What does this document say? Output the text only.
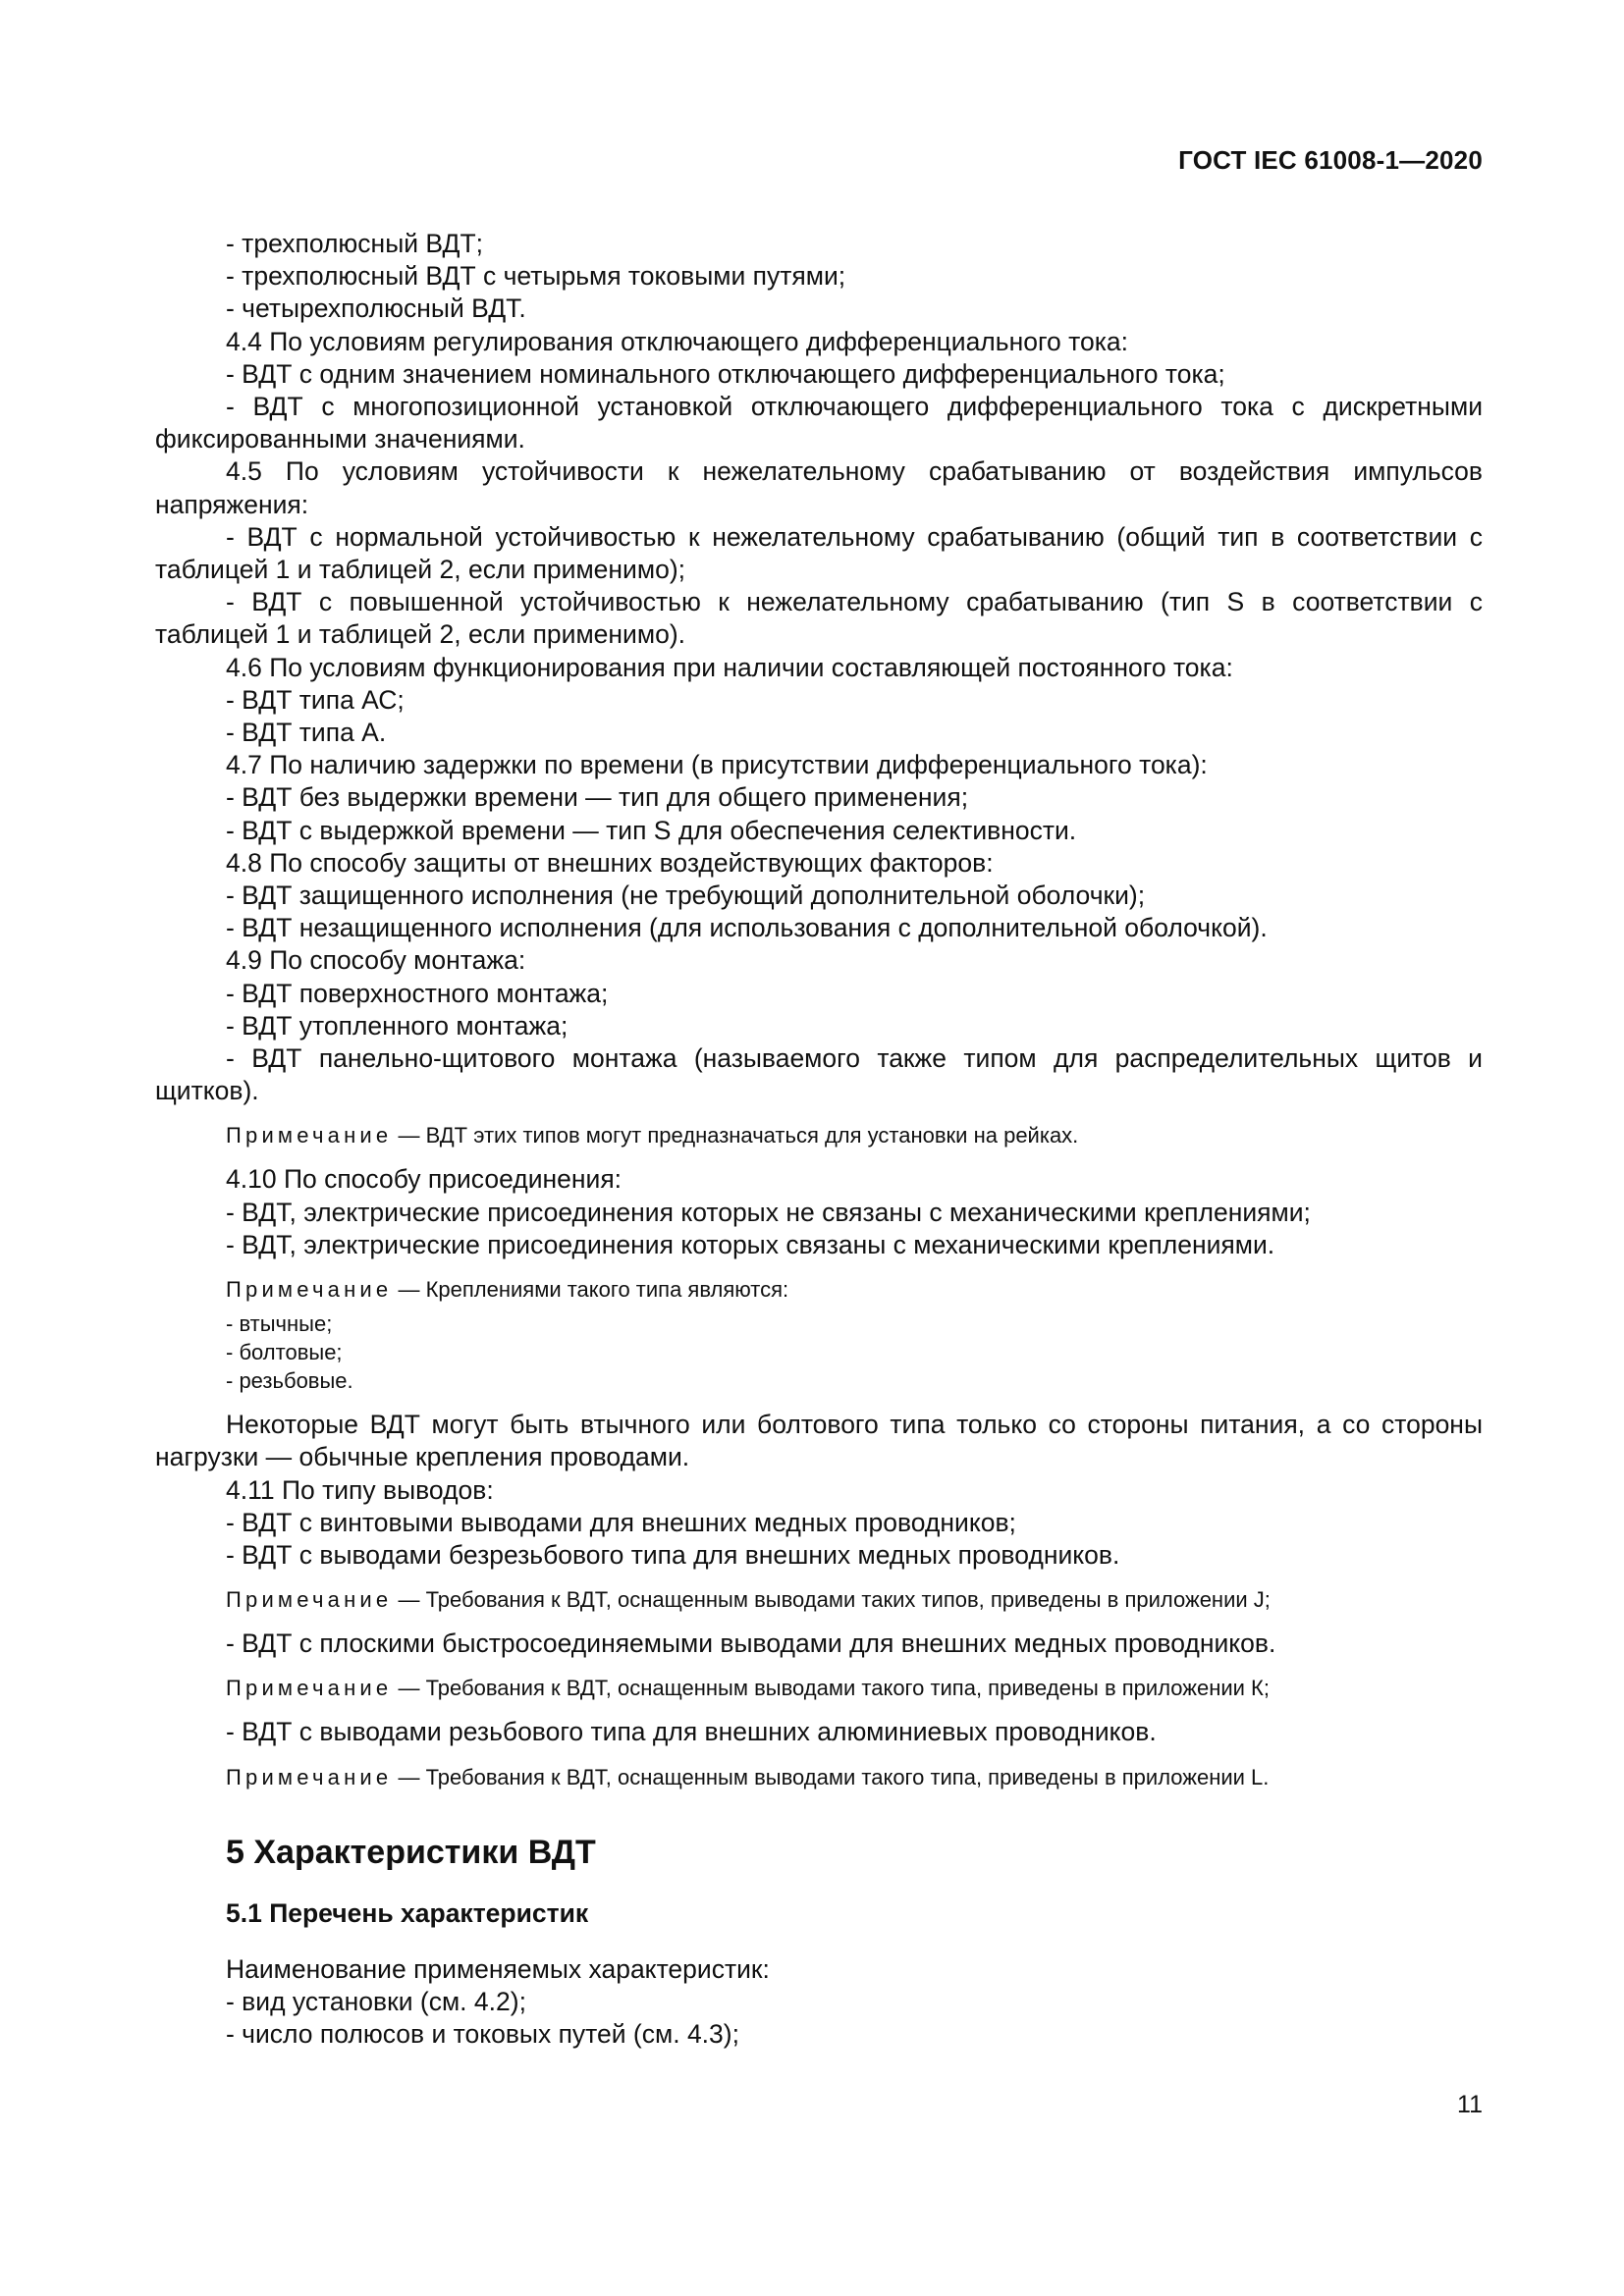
ГОСТ IEC 61008-1—2020
- трехполюсный ВДТ;
- трехполюсный ВДТ с четырьмя токовыми путями;
- четырехполюсный ВДТ.
4.4 По условиям регулирования отключающего дифференциального тока:
- ВДТ с одним значением номинального отключающего дифференциального тока;
- ВДТ с многопозиционной установкой отключающего дифференциального тока с дискретными фиксированными значениями.
4.5 По условиям устойчивости к нежелательному срабатыванию от воздействия импульсов напряжения:
- ВДТ с нормальной устойчивостью к нежелательному срабатыванию (общий тип в соответствии с таблицей 1 и таблицей 2, если применимо);
- ВДТ с повышенной устойчивостью к нежелательному срабатыванию (тип S в соответствии с таблицей 1 и таблицей 2, если применимо).
4.6 По условиям функционирования при наличии составляющей постоянного тока:
- ВДТ типа АС;
- ВДТ типа А.
4.7 По наличию задержки по времени (в присутствии дифференциального тока):
- ВДТ без выдержки времени — тип для общего применения;
- ВДТ с выдержкой времени — тип S для обеспечения селективности.
4.8 По способу защиты от внешних воздействующих факторов:
- ВДТ защищенного исполнения (не требующий дополнительной оболочки);
- ВДТ незащищенного исполнения (для использования с дополнительной оболочкой).
4.9 По способу монтажа:
- ВДТ поверхностного монтажа;
- ВДТ утопленного монтажа;
- ВДТ панельно-щитового монтажа (называемого также типом для распределительных щитов и щитков).
Примечание — ВДТ этих типов могут предназначаться для установки на рейках.
4.10 По способу присоединения:
- ВДТ, электрические присоединения которых не связаны с механическими креплениями;
- ВДТ, электрические присоединения которых связаны с механическими креплениями.
Примечание — Креплениями такого типа являются:
- втычные;
- болтовые;
- резьбовые.
Некоторые ВДТ могут быть втычного или болтового типа только со стороны питания, а со стороны нагрузки — обычные крепления проводами.
4.11 По типу выводов:
- ВДТ с винтовыми выводами для внешних медных проводников;
- ВДТ с выводами безрезьбового типа для внешних медных проводников.
Примечание — Требования к ВДТ, оснащенным выводами таких типов, приведены в приложении J;
- ВДТ с плоскими быстросоединяемыми выводами для внешних медных проводников.
Примечание — Требования к ВДТ, оснащенным выводами такого типа, приведены в приложении К;
- ВДТ с выводами резьбового типа для внешних алюминиевых проводников.
Примечание — Требования к ВДТ, оснащенным выводами такого типа, приведены в приложении L.
5 Характеристики ВДТ
5.1 Перечень характеристик
Наименование применяемых характеристик:
- вид установки (см. 4.2);
- число полюсов и токовых путей (см. 4.3);
11
